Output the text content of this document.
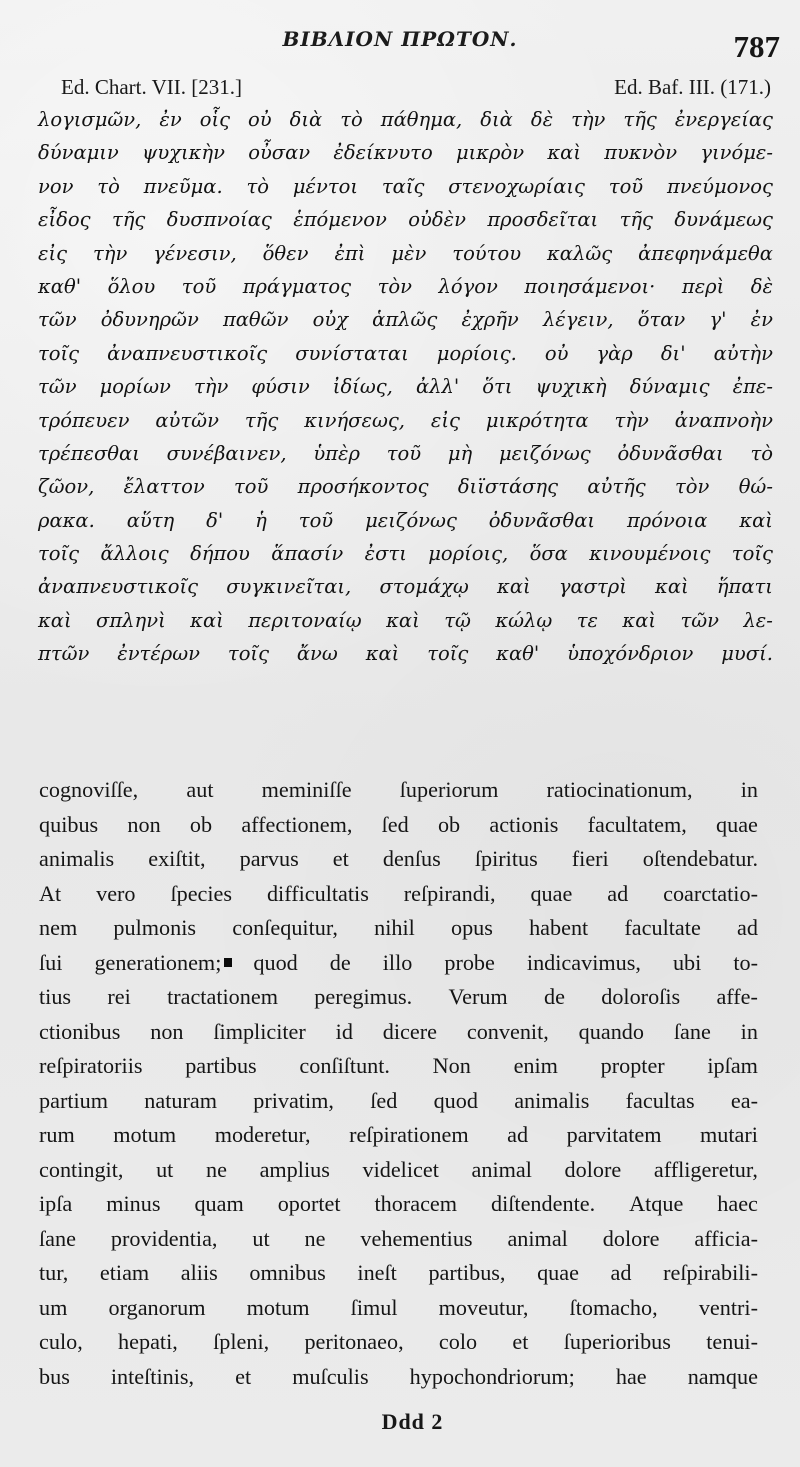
ΒΙΒΛΙΟΝ ΠΡΩΤΟΝ.	787
Ed. Chart. VII. [231.]	Ed. Baf. III. (171.)
λογισμῶν, ἐν οἷς οὐ διὰ τὸ πάθημα, διὰ δὲ τὴν τῆς ἐνεργείας
δύναμιν ψυχικὴν οὖσαν ἐδείκνυτο μικρὸν καὶ πυκνὸν γινόμε-
νον τὸ πνεῦμα. τὸ μέντοι ταῖς στενοχωρίαις τοῦ πνεύμονος
εἶδος τῆς δυσπνοίας ἑπόμενον οὐδὲν προσδεῖται τῆς δυνάμεως
εἰς τὴν γένεσιν, ὅθεν ἐπὶ μὲν τούτου καλῶς ἀπεφηνάμεθα
καθ' ὅλου τοῦ πράγματος τὸν λόγον ποιησάμενοι· περὶ δὲ
τῶν ὀδυνηρῶν παθῶν οὐχ ἁπλῶς ἐχρῆν λέγειν, ὅταν γ' ἐν
τοῖς ἀναπνευστικοῖς συνίσταται μορίοις. οὐ γὰρ δι' αὐτὴν
τῶν μορίων τὴν φύσιν ἰδίως, ἀλλ' ὅτι ψυχικὴ δύναμις ἐπε-
τρόπευεν αὐτῶν τῆς κινήσεως, εἰς μικρότητα τὴν ἀναπνοὴν
τρέπεσθαι συνέβαινεν, ὑπὲρ τοῦ μὴ μειζόνως ὀδυνᾶσθαι τὸ
ζῶον, ἔλαττον τοῦ προσήκοντος διϊστάσης αὐτῆς τὸν θώ-
ρακα. αὕτη δ' ἡ τοῦ μειζόνως ὀδυνᾶσθαι πρόνοια καὶ
τοῖς ἄλλοις δήπου ἅπασίν ἐστι μορίοις, ὅσα κινουμένοις τοῖς
ἀναπνευστικοῖς συγκινεῖται, στομάχῳ καὶ γαστρὶ καὶ ἥπατι
καὶ σπληνὶ καὶ περιτοναίῳ καὶ τῷ κώλῳ τε καὶ τῶν λε-
πτῶν ἐντέρων τοῖς ἄνω καὶ τοῖς καθ' ὑποχόνδριον μυσί.
cognoviſſe, aut meminiſſe ſuperiorum ratiocinationum, in
quibus non ob affectionem, ſed ob actionis facultatem, quae
animalis exiſtit, parvus et denſus ſpiritus fieri oſtendebatur.
At vero ſpecies difficultatis reſpirandi, quae ad coarctatio-
nem pulmonis conſequitur, nihil opus habent facultate ad
ſui generationem; quod de illo probe indicavimus, ubi to-
tius rei tractationem peregimus. Verum de doloroſis affe-
ctionibus non ſimpliciter id dicere convenit, quando ſane in
reſpiratoriis partibus conſiſtunt. Non enim propter ipſam
partium naturam privatim, ſed quod animalis facultas ea-
rum motum moderetur, reſpirationem ad parvitatem mutari
contingit, ut ne amplius videlicet animal dolore affligeretur,
ipſa minus quam oportet thoracem diſtendente. Atque haec
ſane providentia, ut ne vehementius animal dolore afficia-
tur, etiam aliis omnibus ineſt partibus, quae ad reſpirabili-
um organorum motum ſimul moveutur, ſtomacho, ventri-
culo, hepati, ſpleni, peritonaeo, colo et ſuperioribus tenui-
bus inteſtinis, et muſculis hypochondriorum; hae namque
Ddd 2
